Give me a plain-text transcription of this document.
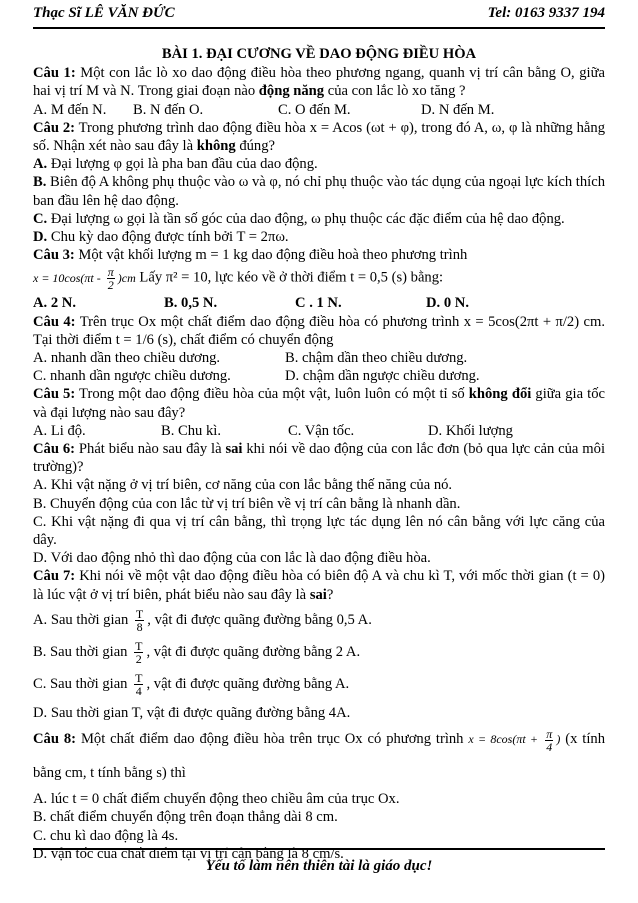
Thạc Sĩ LÊ VĂN ĐỨC	Tel: 0163 9337 194
BÀI 1. ĐẠI CƯƠNG VỀ DAO ĐỘNG ĐIỀU HÒA

Câu 1: Một con lắc lò xo dao động điều hòa theo phương ngang, quanh vị trí cân bằng O, giữa hai vị trí M và N. Trong giai đoạn nào động năng của con lắc lò xo tăng ?

A. M đến N.	B. N đến O.	C. O đến M.	D. N đến M.

Câu 2: Trong phương trình dao động điều hòa x = Acos (ωt + φ), trong đó A, ω, φ là những hằng số. Nhận xét nào sau đây là không đúng?

A. Đại lượng φ gọi là pha ban đầu của dao động.

B. Biên độ A không phụ thuộc vào ω và φ, nó chỉ phụ thuộc vào tác dụng của ngoại lực kích thích ban đầu lên hệ dao động.

C. Đại lượng ω gọi là tần số góc của dao động, ω phụ thuộc các đặc điểm của hệ dao động.

D. Chu kỳ dao động được tính bởi T = 2πω.

Câu 3: Một vật khối lượng m = 1 kg dao động điều hoà theo phương trình

$x = 10\cos(\pi t - \frac{\pi}{2} )cm$ Lấy π² = 10, lực kéo về ở thời điểm t = 0,5 (s) bằng:

A. 2 N.	B. 0,5 N.	C . 1 N.	D. 0 N.

Câu 4: Trên trục Ox một chất điểm dao động điều hòa có phương trình x = 5cos(2πt + π/2) cm. Tại thời điểm t = 1/6 (s), chất điểm có chuyển động

A. nhanh dần theo chiều dương.	B. chậm dần theo chiều dương.
C. nhanh dần ngược chiều dương.	D. chậm dần ngược chiều dương.

Câu 5: Trong một dao động điều hòa của một vật, luôn luôn có một tỉ số không đổi giữa gia tốc và đại lượng nào sau đây?

A. Li độ.	B. Chu kì.	C. Vận tốc.	D. Khối lượng

Câu 6: Phát biểu nào sau đây là sai khi nói về dao động của con lắc đơn (bỏ qua lực cản của môi trường)?

A. Khi vật nặng ở vị trí biên, cơ năng của con lắc bằng thế năng của nó.

B. Chuyển động của con lắc từ vị trí biên về vị trí cân bằng là nhanh dần.

C. Khi vật nặng đi qua vị trí cân bằng, thì trọng lực tác dụng lên nó cân bằng với lực căng của dây.

D. Với dao động nhỏ thì dao động của con lắc là dao động điều hòa.

Câu 7: Khi nói về một vật dao động điều hòa có biên độ A và chu kì T, với mốc thời gian (t = 0) là lúc vật ở vị trí biên, phát biểu nào sau đây là sai?

A. Sau thời gian $\frac{T}{8}$ , vật đi được quãng đường bằng 0,5 A.

B. Sau thời gian $\frac{T}{2}$ , vật đi được quãng đường bằng 2 A.

C. Sau thời gian $\frac{T}{4}$ , vật đi được quãng đường bằng A.

D. Sau thời gian T, vật đi được quãng đường bằng 4A.

Câu 8: Một chất điểm dao động điều hòa trên trục Ox có phương trình $x = 8\cos(\pi t + \frac{\pi}{4}$ ) (x tính bằng cm, t tính bằng s) thì

A. lúc t = 0 chất điểm chuyển động theo chiều âm của trục Ox.

B. chất điểm chuyển động trên đoạn thẳng dài 8 cm.

C. chu kì dao động là 4s.

D. vận tốc của chất điểm tại vị trí cân bằng là 8 cm/s.

Yếu tố làm nên thiên tài là giáo dục!
